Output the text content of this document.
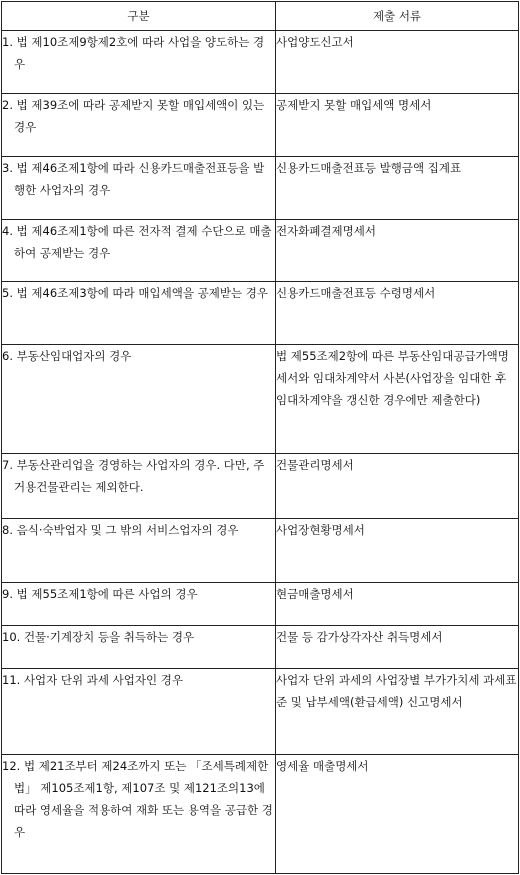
구분	제출 서류

1. 법 제10조제9항제2호에 따라 사업을 양도하는 경우	사업양도신고서

2. 법 제39조에 따라 공제받지 못할 매입세액이 있는 경우	공제받지 못할 매입세액 명세서

3. 법 제46조제1항에 따라 신용카드매출전표등을 발행한 사업자의 경우	신용카드매출전표등 발행금액 집계표

4. 법 제46조제1항에 따른 전자적 결제 수단으로 매출하여 공제받는 경우	전자화폐결제명세서

5. 법 제46조제3항에 따라 매입세액을 공제받는 경우	신용카드매출전표등 수령명세서

6. 부동산임대업자의 경우	법 제55조제2항에 따른 부동산임대공급가액명세서와 임대차계약서 사본(사업장을 임대한 후 임대차계약을 갱신한 경우에만 제출한다)

7. 부동산관리업을 경영하는 사업자의 경우. 다만, 주거용건물관리는 제외한다.	건물관리명세서

8. 음식·숙박업자 및 그 밖의 서비스업자의 경우	사업장현황명세서

9. 법 제55조제1항에 따른 사업의 경우	현금매출명세서

10. 건물·기계장치 등을 취득하는 경우	건물 등 감가상각자산 취득명세서

11. 사업자 단위 과세 사업자인 경우	사업자 단위 과세의 사업장별 부가가치세 과세표준 및 납부세액(환급세액) 신고명세서

12. 법 제21조부터 제24조까지 또는 「조세특례제한법」 제105조제1항, 제107조 및 제121조의13에 따라 영세율을 적용하여 재화 또는 용역을 공급한 경우	영세율 매출명세서
